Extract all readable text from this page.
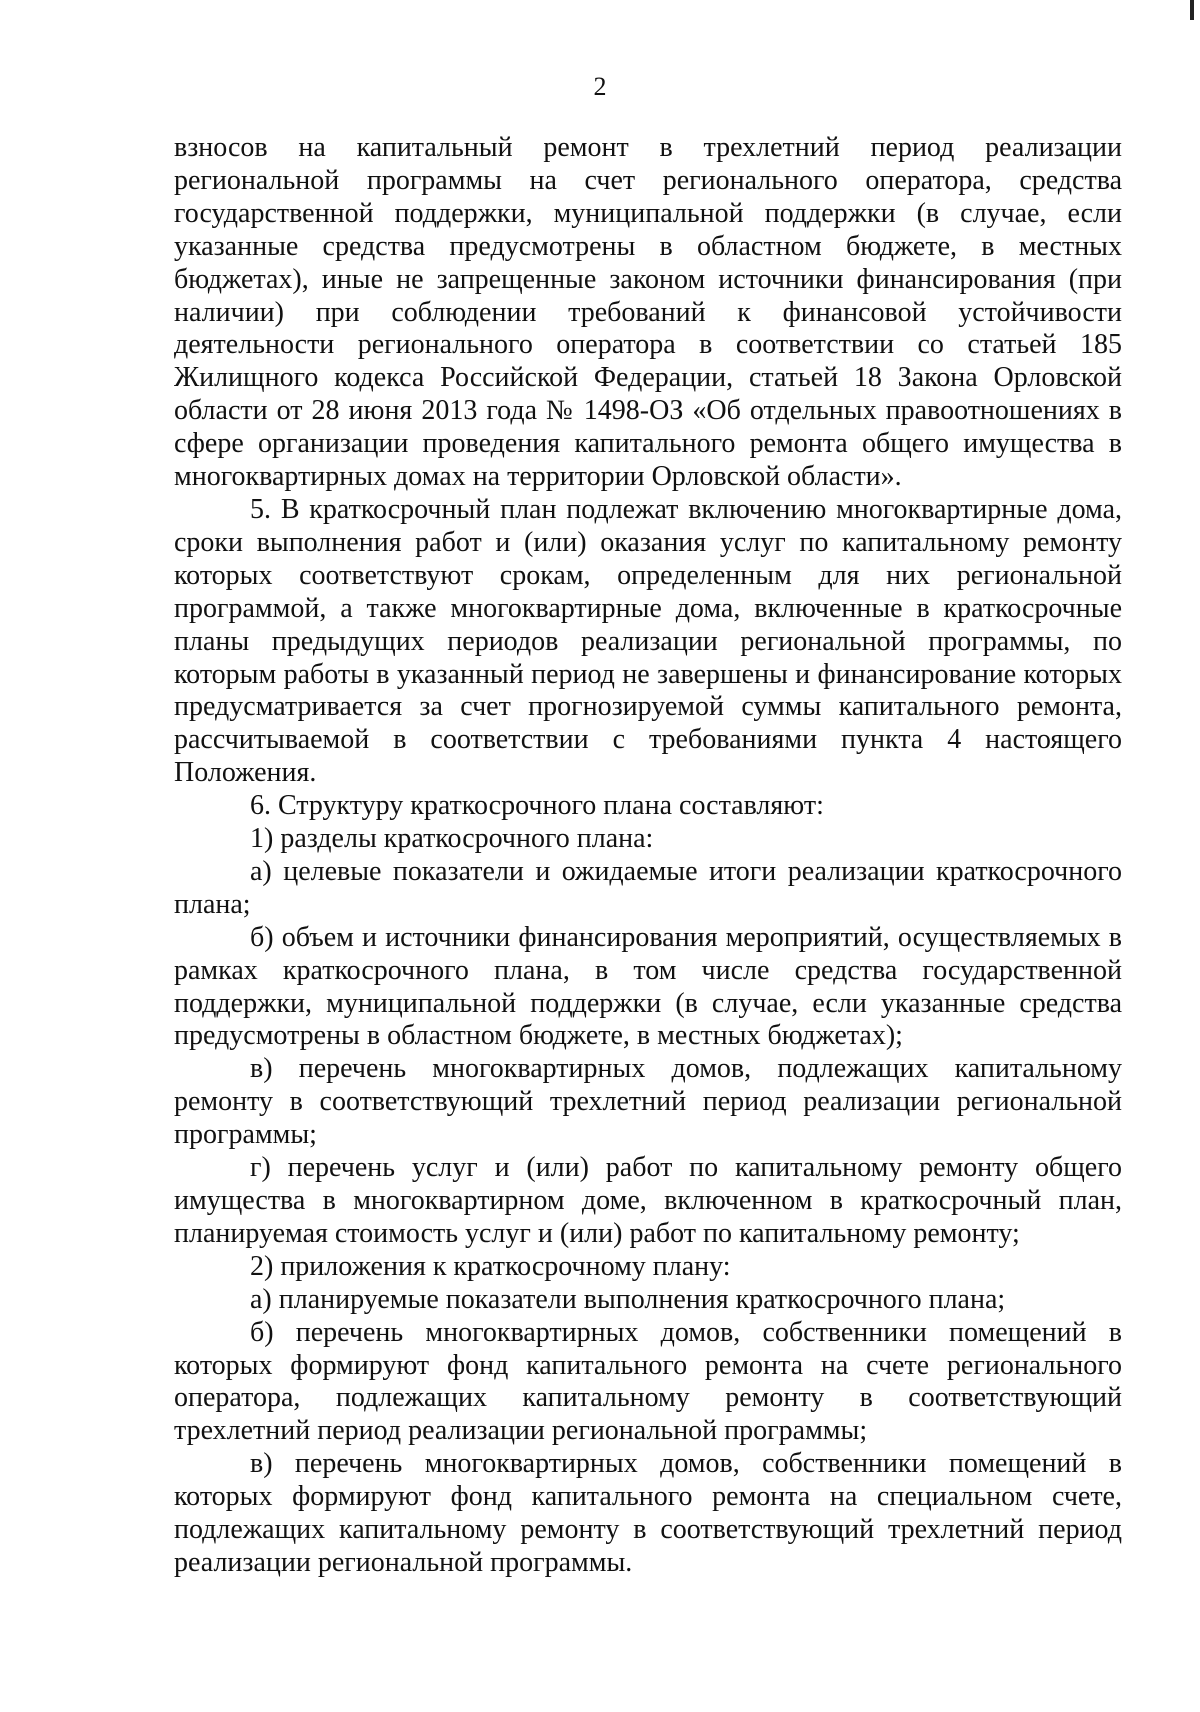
2

взносов на капитальный ремонт в трехлетний период реализации региональной программы на счет регионального оператора, средства государственной поддержки, муниципальной поддержки (в случае, если указанные средства предусмотрены в областном бюджете, в местных бюджетах), иные не запрещенные законом источники финансирования (при наличии) при соблюдении требований к финансовой устойчивости деятельности регионального оператора в соответствии со статьей 185 Жилищного кодекса Российской Федерации, статьей 18 Закона Орловской области от 28 июня 2013 года № 1498-ОЗ «Об отдельных правоотношениях в сфере организации проведения капитального ремонта общего имущества в многоквартирных домах на территории Орловской области».

5. В краткосрочный план подлежат включению многоквартирные дома, сроки выполнения работ и (или) оказания услуг по капитальному ремонту которых соответствуют срокам, определенным для них региональной программой, а также многоквартирные дома, включенные в краткосрочные планы предыдущих периодов реализации региональной программы, по которым работы в указанный период не завершены и финансирование которых предусматривается за счет прогнозируемой суммы капитального ремонта, рассчитываемой в соответствии с требованиями пункта 4 настоящего Положения.

6. Структуру краткосрочного плана составляют:

1) разделы краткосрочного плана:

а) целевые показатели и ожидаемые итоги реализации краткосрочного плана;

б) объем и источники финансирования мероприятий, осуществляемых в рамках краткосрочного плана, в том числе средства государственной поддержки, муниципальной поддержки (в случае, если указанные средства предусмотрены в областном бюджете, в местных бюджетах);

в) перечень многоквартирных домов, подлежащих капитальному ремонту в соответствующий трехлетний период реализации региональной программы;

г) перечень услуг и (или) работ по капитальному ремонту общего имущества в многоквартирном доме, включенном в краткосрочный план, планируемая стоимость услуг и (или) работ по капитальному ремонту;

2) приложения к краткосрочному плану:

а) планируемые показатели выполнения краткосрочного плана;

б) перечень многоквартирных домов, собственники помещений в которых формируют фонд капитального ремонта на счете регионального оператора, подлежащих капитальному ремонту в соответствующий трехлетний период реализации региональной программы;

в) перечень многоквартирных домов, собственники помещений в которых формируют фонд капитального ремонта на специальном счете, подлежащих капитальному ремонту в соответствующий трехлетний период реализации региональной программы.
